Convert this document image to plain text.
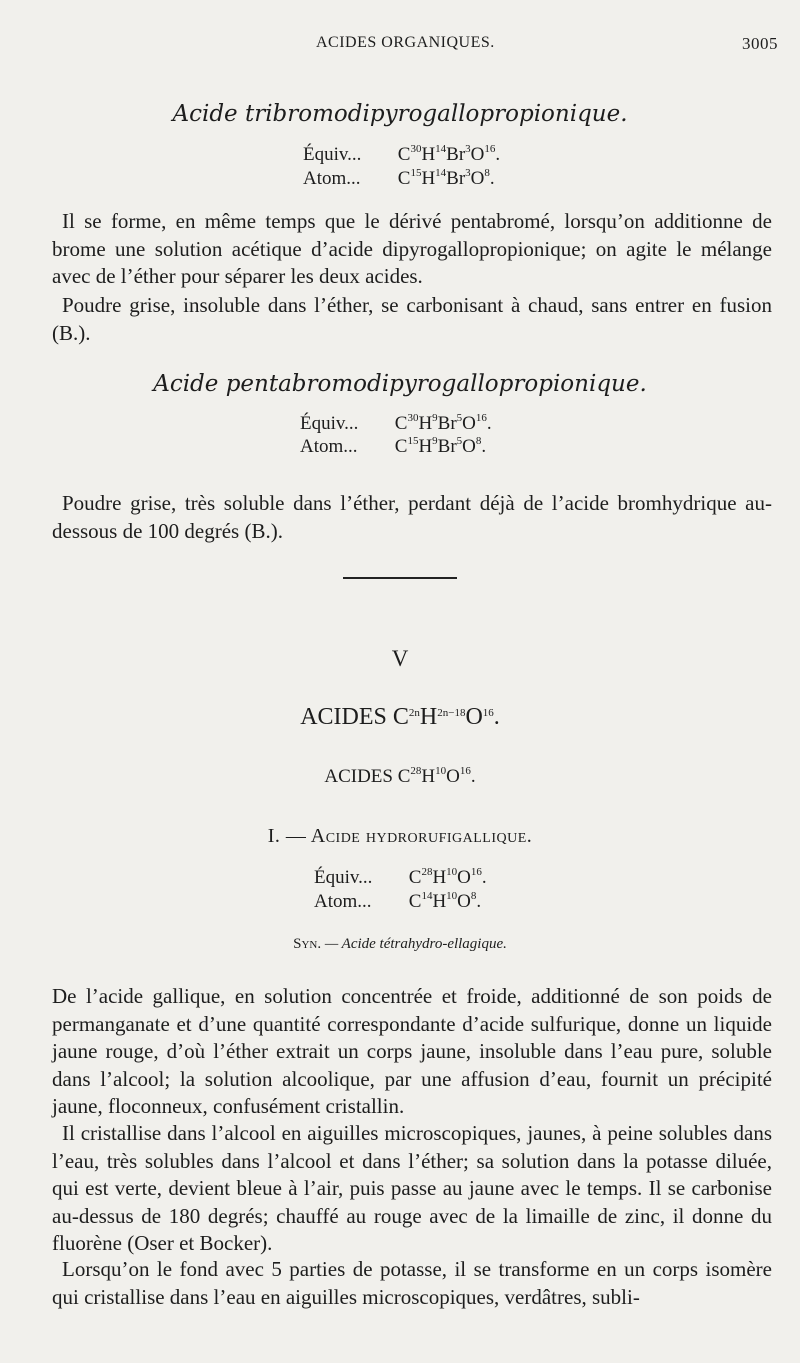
ACIDES ORGANIQUES.	3005
Acide tribromodipyrogallopropionique.
Équiv... $C^{30}H^{14}Br^3O^{16}$.
Atom... $C^{15}H^{14}Br^3O^8$.
Il se forme, en même temps que le dérivé pentabromé, lorsqu’on additionne de brome une solution acétique d’acide dipyrogallopropionique; on agite le mélange avec de l’éther pour séparer les deux acides.
Poudre grise, insoluble dans l’éther, se carbonisant à chaud, sans entrer en fusion (B.).
Acide pentabromodipyrogallopropionique.
Équiv... $C^{30}H^9Br^5O^{16}$.
Atom... $C^{15}H^9Br^5O^8$.
Poudre grise, très soluble dans l’éther, perdant déjà de l’acide bromhydrique au-dessous de 100 degrés (B.).
V
ACIDES $C^{2n}H^{2n-18}O^{16}$.
ACIDES $C^{28}H^{10}O^{16}$.
I. — Acide hydrorufigallique.
Équiv... $C^{28}H^{10}O^{16}$.
Atom... $C^{14}H^{10}O^8$.
Syn. — Acide tétrahydro-ellagique.
De l’acide gallique, en solution concentrée et froide, additionné de son poids de permanganate et d’une quantité correspondante d’acide sulfurique, donne un liquide jaune rouge, d’où l’éther extrait un corps jaune, insoluble dans l’eau pure, soluble dans l’alcool; la solution alcoolique, par une affusion d’eau, fournit un précipité jaune, floconneux, confusément cristallin.
Il cristallise dans l’alcool en aiguilles microscopiques, jaunes, à peine solubles dans l’eau, très solubles dans l’alcool et dans l’éther; sa solution dans la potasse diluée, qui est verte, devient bleue à l’air, puis passe au jaune avec le temps. Il se carbonise au-dessus de 180 degrés; chauffé au rouge avec de la limaille de zinc, il donne du fluorène (Oser et Bocker).
Lorsqu’on le fond avec 5 parties de potasse, il se transforme en un corps isomère qui cristallise dans l’eau en aiguilles microscopiques, verdâtres, subli-
